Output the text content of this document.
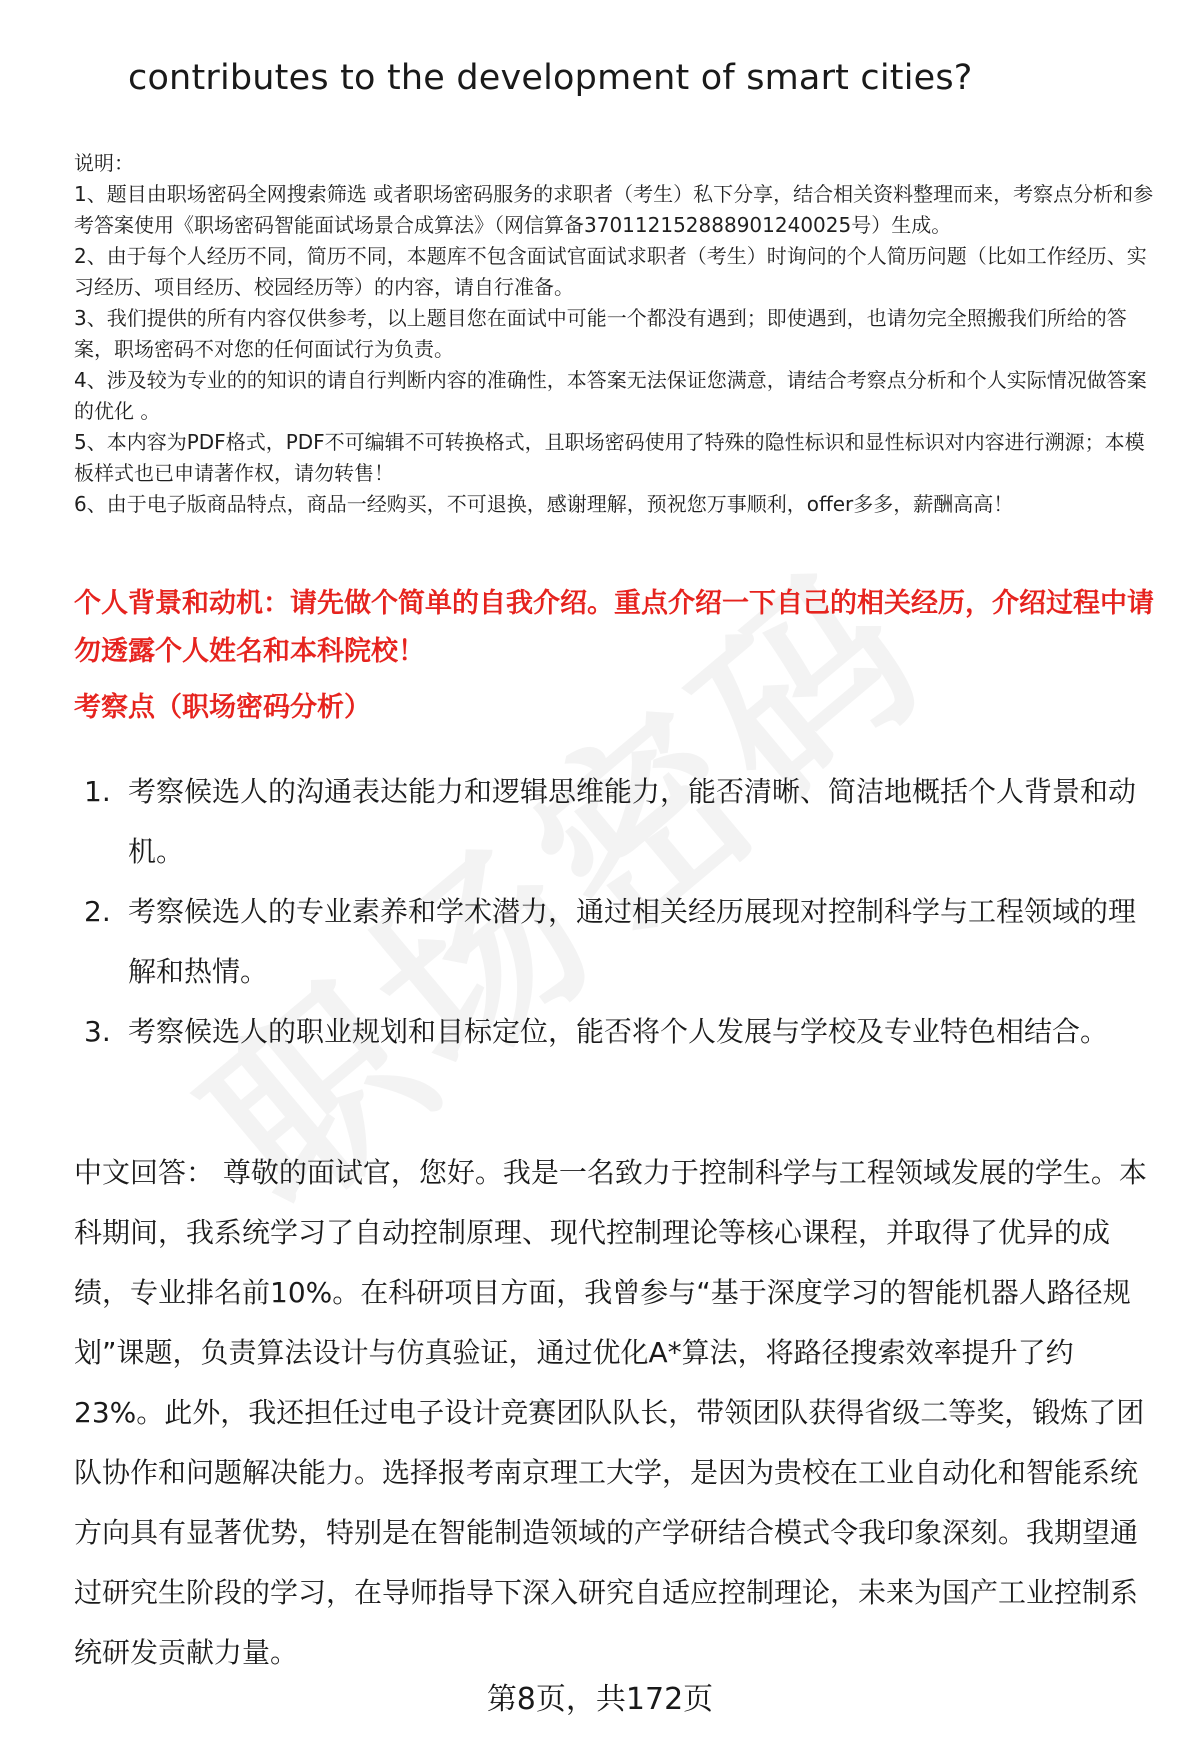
contributes to the development of smart cities?

说明：

1、题目由职场密码全网搜索筛选 或者职场密码服务的求职者（考生）私下分享，结合相关资料整理而来，考察点分析和参考答案使用《职场密码智能面试场景合成算法》（网信算备370112152888901240025号）生成。

2、由于每个人经历不同，简历不同，本题库不包含面试官面试求职者（考生）时询问的个人简历问题（比如工作经历、实习经历、项目经历、校园经历等）的内容，请自行准备。

3、我们提供的所有内容仅供参考，以上题目您在面试中可能一个都没有遇到；即使遇到，也请勿完全照搬我们所给的答案，职场密码不对您的任何面试行为负责。

4、涉及较为专业的的知识的请自行判断内容的准确性，本答案无法保证您满意，请结合考察点分析和个人实际情况做答案的优化 。

5、本内容为PDF格式，PDF不可编辑不可转换格式，且职场密码使用了特殊的隐性标识和显性标识对内容进行溯源；本模板样式也已申请著作权，请勿转售！

6、由于电子版商品特点，商品一经购买，不可退换，感谢理解，预祝您万事顺利，offer多多，薪酬高高！

个人背景和动机：请先做个简单的自我介绍。重点介绍一下自己的相关经历，介绍过程中请勿透露个人姓名和本科院校！
考察点（职场密码分析）
1. 考察候选人的沟通表达能力和逻辑思维能力，能否清晰、简洁地概括个人背景和动机。
2. 考察候选人的专业素养和学术潜力，通过相关经历展现对控制科学与工程领域的理解和热情。
3. 考察候选人的职业规划和目标定位，能否将个人发展与学校及专业特色相结合。

中文回答： 尊敬的面试官，您好。我是一名致力于控制科学与工程领域发展的学生。本科期间，我系统学习了自动控制原理、现代控制理论等核心课程，并取得了优异的成绩，专业排名前10%。在科研项目方面，我曾参与“基于深度学习的智能机器人路径规划”课题，负责算法设计与仿真验证，通过优化A*算法，将路径搜索效率提升了约23%。此外，我还担任过电子设计竞赛团队队长，带领团队获得省级二等奖，锻炼了团队协作和问题解决能力。选择报考南京理工大学，是因为贵校在工业自动化和智能系统方向具有显著优势，特别是在智能制造领域的产学研结合模式令我印象深刻。我期望通过研究生阶段的学习，在导师指导下深入研究自适应控制理论，未来为国产工业控制系统研发贡献力量。

第8页，共172页
